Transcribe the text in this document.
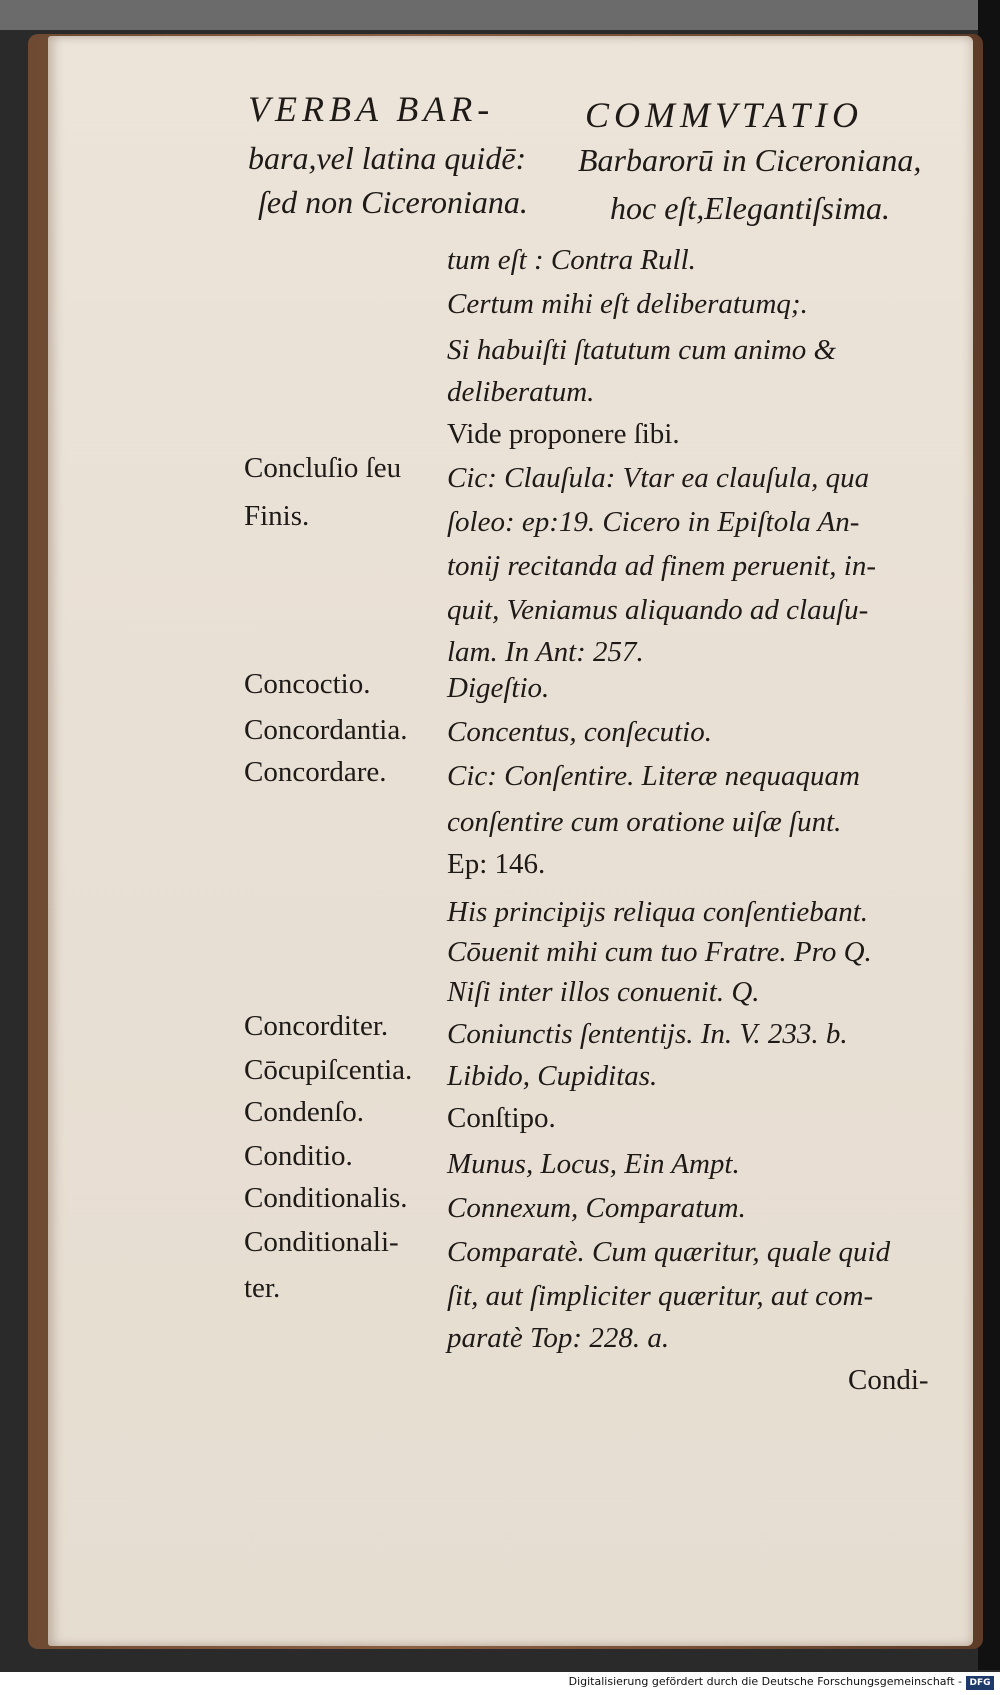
VERBA BAR-
bara,vel latina quidē:
ſed non Ciceroniana.
COMMVTATIO
Barbarorū in Ciceroniana,
hoc eſt,Elegantiſsima.
Concluſio ſeu
Finis.
Concoctio.
Concordantia.
Concordare.
Concorditer.
Cōcupiſcentia.
Condenſo.
Conditio.
Conditionalis.
Conditionali-
ter.
tum eſt : Contra Rull.
Certum mihi eſt deliberatumq;.
Si habuiſti ſtatutum cum animo &
deliberatum.
Vide proponere ſibi.
Cic: Clauſula: Vtar ea clauſula, qua
ſoleo: ep:19. Cicero in Epiſtola An-
tonij recitanda ad finem peruenit, in-
quit, Veniamus aliquando ad clauſu-
lam. In Ant: 257.
Digeſtio.
Concentus, conſecutio.
Cic: Conſentire. Literæ nequaquam
conſentire cum oratione uiſæ ſunt.
Ep: 146.
His principijs reliqua conſentiebant.
Cōuenit mihi cum tuo Fratre. Pro Q.
Niſi inter illos conuenit. Q.
Coniunctis ſententijs. In. V. 233. b.
Libido, Cupiditas.
Conſtipo.
Munus, Locus, Ein Ampt.
Connexum, Comparatum.
Comparatè. Cum quæritur, quale quid
ſit, aut ſimpliciter quæritur, aut com-
paratè Top: 228. a.
Condi-
Digitalisierung gefördert durch die Deutsche Forschungsgemeinschaft - DFG
